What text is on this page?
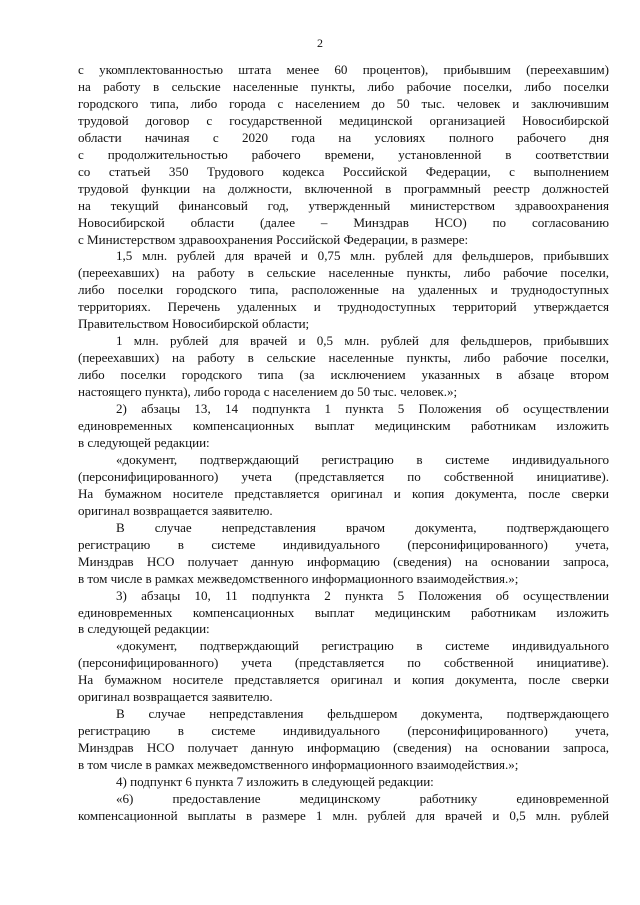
2

с укомплектованностью штата менее 60 процентов), прибывшим (переехавшим)

на работу в сельские населенные пункты, либо рабочие поселки, либо поселки

городского типа, либо города с населением до 50 тыс. человек и заключившим

трудовой договор с государственной медицинской организацией Новосибирской

области начиная с 2020 года на условиях полного рабочего дня

с продолжительностью рабочего времени, установленной в соответствии

со статьей 350 Трудового кодекса Российской Федерации, с выполнением

трудовой функции на должности, включенной в программный реестр должностей

на текущий финансовый год, утвержденный министерством здравоохранения

Новосибирской области (далее – Минздрав НСО) по согласованию

с Министерством здравоохранения Российской Федерации, в размере:

1,5 млн. рублей для врачей и 0,75 млн. рублей для фельдшеров, прибывших

(переехавших) на работу в сельские населенные пункты, либо рабочие поселки,

либо поселки городского типа, расположенные на удаленных и труднодоступных

территориях. Перечень удаленных и труднодоступных территорий утверждается

Правительством Новосибирской области;

1 млн. рублей для врачей и 0,5 млн. рублей для фельдшеров, прибывших

(переехавших) на работу в сельские населенные пункты, либо рабочие поселки,

либо поселки городского типа (за исключением указанных в абзаце втором

настоящего пункта), либо города с населением до 50 тыс. человек.»;

2) абзацы 13, 14 подпункта 1 пункта 5 Положения об осуществлении

единовременных компенсационных выплат медицинским работникам изложить

в следующей редакции:

«документ, подтверждающий регистрацию в системе индивидуального

(персонифицированного) учета (представляется по собственной инициативе).

На бумажном носителе представляется оригинал и копия документа, после сверки

оригинал возвращается заявителю.

В случае непредставления врачом документа, подтверждающего

регистрацию в системе индивидуального (персонифицированного) учета,

Минздрав НСО получает данную информацию (сведения) на основании запроса,

в том числе в рамках межведомственного информационного взаимодействия.»;

3) абзацы 10, 11 подпункта 2 пункта 5 Положения об осуществлении

единовременных компенсационных выплат медицинским работникам изложить

в следующей редакции:

«документ, подтверждающий регистрацию в системе индивидуального

(персонифицированного) учета (представляется по собственной инициативе).

На бумажном носителе представляется оригинал и копия документа, после сверки

оригинал возвращается заявителю.

В случае непредставления фельдшером документа, подтверждающего

регистрацию в системе индивидуального (персонифицированного) учета,

Минздрав НСО получает данную информацию (сведения) на основании запроса,

в том числе в рамках межведомственного информационного взаимодействия.»;

4) подпункт 6 пункта 7 изложить в следующей редакции:

«6) предоставление медицинскому работнику единовременной

компенсационной выплаты в размере 1 млн. рублей для врачей и 0,5 млн. рублей
